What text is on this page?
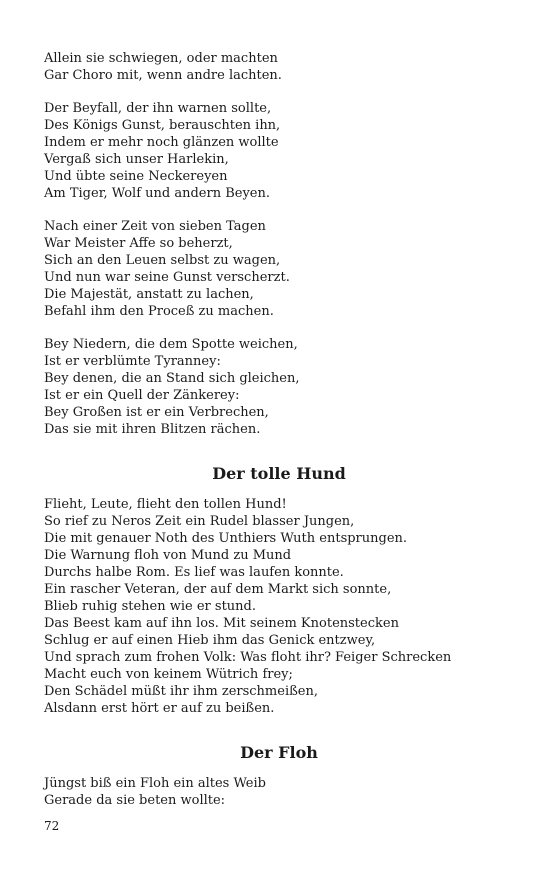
Allein sie schwiegen, oder machten
Gar Choro mit, wenn andre lachten.
Der Beyfall, der ihn warnen sollte,
Des Königs Gunst, berauschten ihn,
Indem er mehr noch glänzen wollte
Vergaß sich unser Harlekin,
Und übte seine Neckereyen
Am Tiger, Wolf und andern Beyen.
Nach einer Zeit von sieben Tagen
War Meister Affe so beherzt,
Sich an den Leuen selbst zu wagen,
Und nun war seine Gunst verscherzt.
Die Majestät, anstatt zu lachen,
Befahl ihm den Proceß zu machen.
Bey Niedern, die dem Spotte weichen,
Ist er verblümte Tyranney:
Bey denen, die an Stand sich gleichen,
Ist er ein Quell der Zänkerey:
Bey Großen ist er ein Verbrechen,
Das sie mit ihren Blitzen rächen.
Der tolle Hund
Flieht, Leute, flieht den tollen Hund!
So rief zu Neros Zeit ein Rudel blasser Jungen,
Die mit genauer Noth des Unthiers Wuth entsprungen.
Die Warnung floh von Mund zu Mund
Durchs halbe Rom. Es lief was laufen konnte.
Ein rascher Veteran, der auf dem Markt sich sonnte,
Blieb ruhig stehen wie er stund.
Das Beest kam auf ihn los. Mit seinem Knotenstecken
Schlug er auf einen Hieb ihm das Genick entzwey,
Und sprach zum frohen Volk: Was floht ihr? Feiger Schrecken
Macht euch von keinem Wütrich frey;
Den Schädel müßt ihr ihm zerschmeißen,
Alsdann erst hört er auf zu beißen.
Der Floh
Jüngst biß ein Floh ein altes Weib
Gerade da sie beten wollte:
72
